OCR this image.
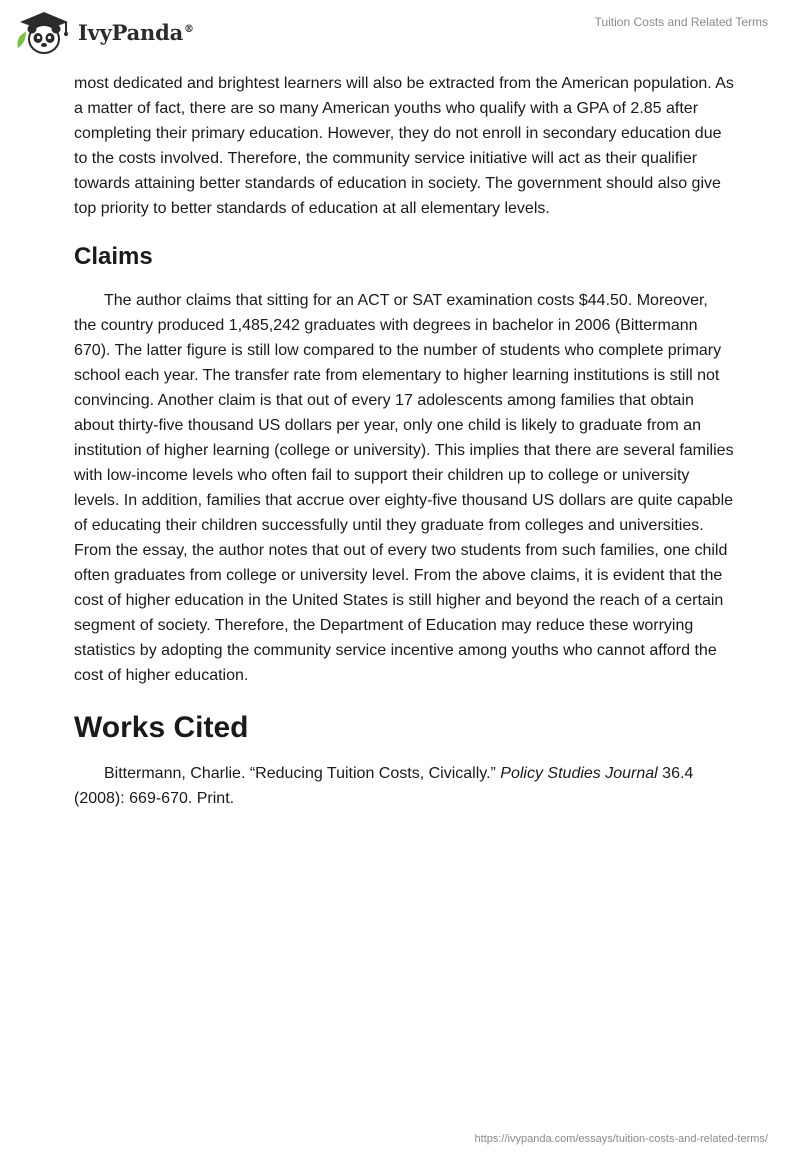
IvyPanda®	Tuition Costs and Related Terms

most dedicated and brightest learners will also be extracted from the American population. As a matter of fact, there are so many American youths who qualify with a GPA of 2.85 after completing their primary education. However, they do not enroll in secondary education due to the costs involved. Therefore, the community service initiative will act as their qualifier towards attaining better standards of education in society. The government should also give top priority to better standards of education at all elementary levels.

Claims

The author claims that sitting for an ACT or SAT examination costs $44.50. Moreover, the country produced 1,485,242 graduates with degrees in bachelor in 2006 (Bittermann 670). The latter figure is still low compared to the number of students who complete primary school each year. The transfer rate from elementary to higher learning institutions is still not convincing. Another claim is that out of every 17 adolescents among families that obtain about thirty-five thousand US dollars per year, only one child is likely to graduate from an institution of higher learning (college or university). This implies that there are several families with low-income levels who often fail to support their children up to college or university levels. In addition, families that accrue over eighty-five thousand US dollars are quite capable of educating their children successfully until they graduate from colleges and universities. From the essay, the author notes that out of every two students from such families, one child often graduates from college or university level. From the above claims, it is evident that the cost of higher education in the United States is still higher and beyond the reach of a certain segment of society. Therefore, the Department of Education may reduce these worrying statistics by adopting the community service incentive among youths who cannot afford the cost of higher education.

Works Cited

Bittermann, Charlie. “Reducing Tuition Costs, Civically.” Policy Studies Journal 36.4 (2008): 669-670. Print.

https://ivypanda.com/essays/tuition-costs-and-related-terms/
